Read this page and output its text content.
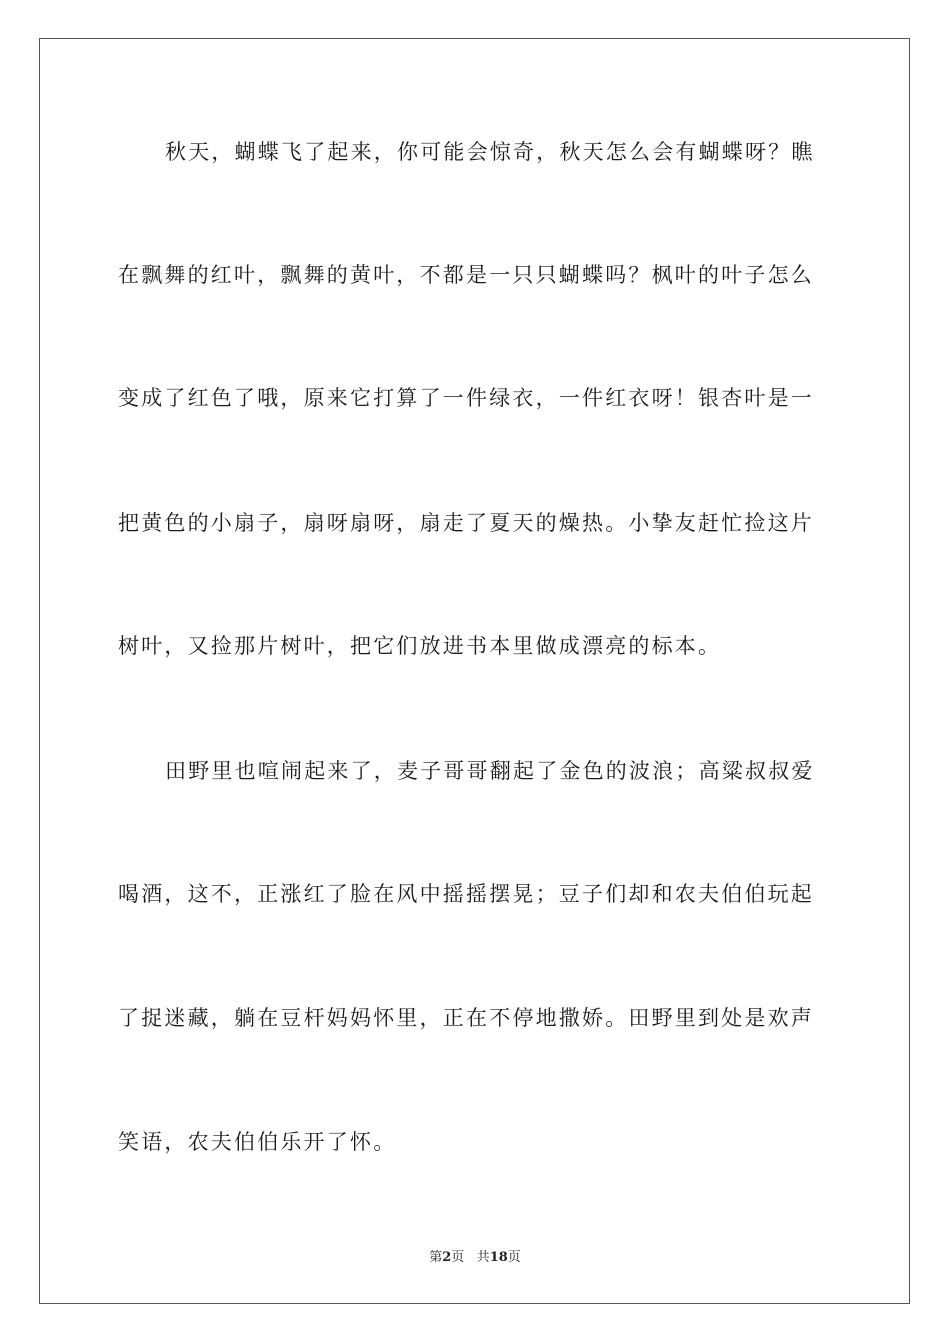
秋天，蝴蝶飞了起来，你可能会惊奇，秋天怎么会有蝴蝶呀？瞧
在飘舞的红叶，飘舞的黄叶，不都是一只只蝴蝶吗？枫叶的叶子怎么
变成了红色了哦，原来它打算了一件绿衣，一件红衣呀！银杏叶是一
把黄色的小扇子，扇呀扇呀，扇走了夏天的燥热。小挚友赶忙捡这片
树叶，又捡那片树叶，把它们放进书本里做成漂亮的标本。
田野里也喧闹起来了，麦子哥哥翻起了金色的波浪；高粱叔叔爱
喝酒，这不，正涨红了脸在风中摇摇摆晃；豆子们却和农夫伯伯玩起
了捉迷藏，躺在豆杆妈妈怀里，正在不停地撒娇。田野里到处是欢声
笑语，农夫伯伯乐开了怀。
第2页 共18页
